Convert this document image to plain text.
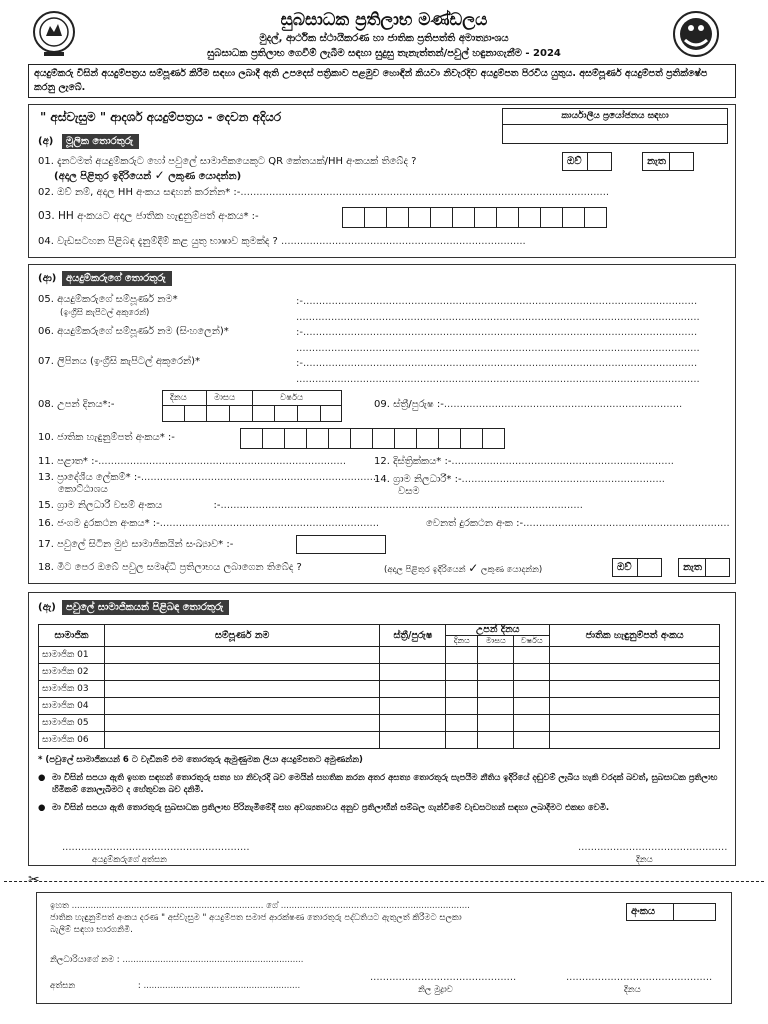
සුබසාධක ප්‍රතිලාභ මණ්ඩලය
මුදල්, ආර්ථික ස්ථායීකරණ හා ජාතික ප්‍රතිපත්ති අමාත්‍යාංශය
සුබසාධක ප්‍රතිලාභ ගෙවීම් ලැබීම සඳහා සුදුසු තැනැත්තන්/පවුල් හඳුනාගැනීම - 2024
අයදුම්කරු විසින් අයදුම්පත්‍රය සම්පූර්ණ කිරීම සඳහා ලබාදී ඇති උපදෙස් පත්‍රිකාව පළමුව හොඳින් කියවා නිවැරදිව අයදුම්පත පිරවිය යුතුය. අසම්පූර්ණ අයදුම්පත් ප්‍රතික්ෂේප කරනු ලැබේ.
" අස්වැසුම " ආදර්ශ අයදුම්පත්‍රය - දෙවන අදියර	කාර්යාලීය ප්‍රයෝජනය සඳහා
(අ)	මූලික තොරතුරු
01. දැනටමත් අයදුම්කරුට හෝ පවුලේ සාමාජිකයෙකුට QR කේතයක්/HH අංකයක් තිබේද ?
(අදාල පිළිතුර ඉදිරියෙන් ✓ ලකුණ යොදන්න)
ඔව්	නැත
02. ඔව් නම්, අදාල HH අංකය සඳහන් කරන්න* :-....................................................................................................................
03. HH අංකයට අදාල ජාතික හැඳුනුම්පත් අංකය* :-
04. වැඩසටහන පිළිබඳ දැනුම්දීම් කළ යුතු භාෂාව කුමක්ද ? .............................................................................
(ආ) අයදුම්කරුගේ තොරතුරු
05. අයදුම්කරුගේ සම්පූර්ණ නම*
(ඉංග්‍රීසි කැපිටල් අකුරෙන්)
:-............................................................................................................................
...............................................................................................................................
06. අයදුම්කරුගේ සම්පූර්ණ නම (සිංහලෙන්)*	:-............................................................................................................................
...............................................................................................................................
07. ලිපිනය (ඉංග්‍රීසි කැපිටල් අකුරෙන්)*	:-............................................................................................................................
...............................................................................................................................
08. උපන් දිනය*:-
දිනය	මාසය	වර්ෂය
09. ස්ත්‍රී/පුරුෂ :-...........................................................................
10. ජාතික හැඳුනුම්පත් අංකය* :-
11. පළාත* :-..............................................................................	12. දිස්ත්‍රික්කය* :-......................................................................
13. ප්‍රාදේශීය ලේකම්* :-...........................................................................
කොට්ඨාශය
14. ග්‍රාම නිලධාරී* :-................................................................
වසම
15. ග්‍රාම නිලධාරී වසම් අංකය	:-..................................................................................................................
16. ජංගම දුරකථන අංකය* :-.....................................................................	වෙනත් දුරකථන අංක :-.................................................................
17. පවුලේ සිටින මුළු සාමාජිකයින් සංඛ්‍යාව* :-
18. මීට පෙර ඔබේ පවුල සමෘද්ධි ප්‍රතිලාභය ලබාගෙන තිබේද ?	(අදාල පිළිතුර ඉදිරියෙන් ✓ ලකුණ යොදන්න)	ඔව්	නැත
(ඇ)	පවුලේ සාමාජිකයන් පිළිබඳ තොරතුරු
සාමාජික	සම්පූර්ණ නම	ස්ත්‍රී/පුරුෂ	උපන් දිනය			ජාතික හැඳුනුම්පත් අංකය
			දිනය	මාසය	වර්ෂය	
සාමාජික 01						
සාමාජික 02						
සාමාජික 03						
සාමාජික 04						
සාමාජික 05						
සාමාජික 06						
* (පවුලේ සාමාජිකයන් 6 ට වැඩිනම් එම තොරතුරු ඇමුණුමක ලියා අයදුම්පතට අමුණන්න)
● මා විසින් සපයා ඇති ඉහත සඳහන් තොරතුරු සත්‍ය හා නිවැරදි බව මෙයින් සහතික කරන අතර අසත්‍ය තොරතුරු සැපයීම නීතිය ඉදිරියේ දඬුවම් ලැබිය හැකි වරදක් බවත්, සුබසාධක ප්‍රතිලාභ හිමිකම් නොලැබීමට ද හේතුවන බව දනිමි.
● මා විසින් සපයා ඇති තොරතුරු සුබසාධක ප්‍රතිලාභ පිරිනැමීමේදී සහ අවශ්‍යතාවය අනුව ප්‍රතිලාභීන් සම්බල ගැන්වීමේ වැඩසටහන් සඳහා ලබාදීමට එකඟ වෙමි.
...........................................................
අයදුම්කරුගේ අත්සන
...............................................
දිනය
✂
ඉහත ....................................................................... ගේ ......................................................................
ජාතික හැඳුනුම්පත් අංකය දරණ " අස්වැසුම " අයදුම්පත සමාජ ආරක්ෂණ තොරතුරු පද්ධතියට ඇතුලත් කිරීමට සලකා බැලීම් සඳහා භාරගනිමි.
අංකය
නිලධාරියාගේ නම : ...................................................................
..............................................	..............................................
අත්සන	: ..........................................................	නිල මුද්‍රාව	දිනය
